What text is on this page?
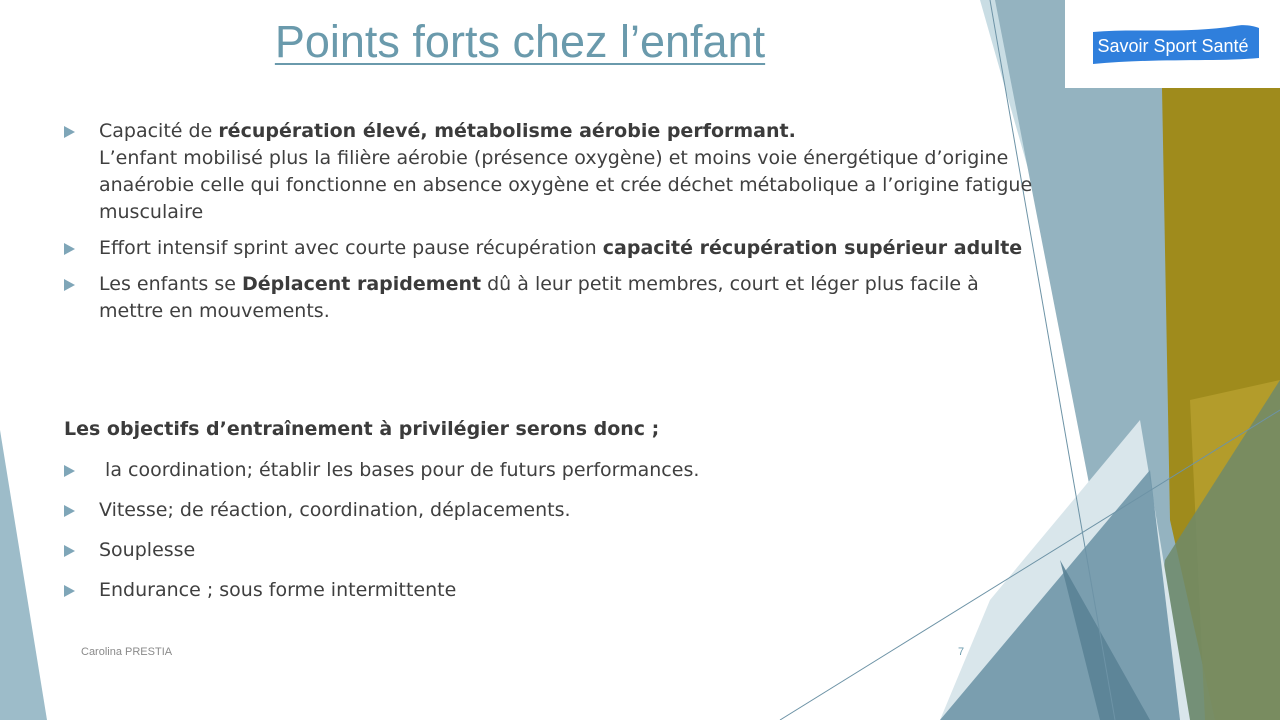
Savoir Sport Santé
Points forts chez l’enfant
Capacité de récupération élevé, métabolisme aérobie performant.
L’enfant mobilisé plus la filière aérobie (présence oxygène) et moins voie énergétique d’origine anaérobie celle qui fonctionne en absence oxygène et crée déchet métabolique a l’origine fatigue musculaire
Effort intensif sprint avec courte pause récupération capacité récupération supérieur adulte
Les enfants se Déplacent rapidement dû à leur petit membres, court et léger plus facile à mettre en mouvements.
Les objectifs d’entraînement à privilégier serons donc ;
la coordination; établir les bases pour de futurs performances.
Vitesse; de réaction, coordination, déplacements.
Souplesse
Endurance ; sous forme intermittente
Carolina PRESTIA	7
